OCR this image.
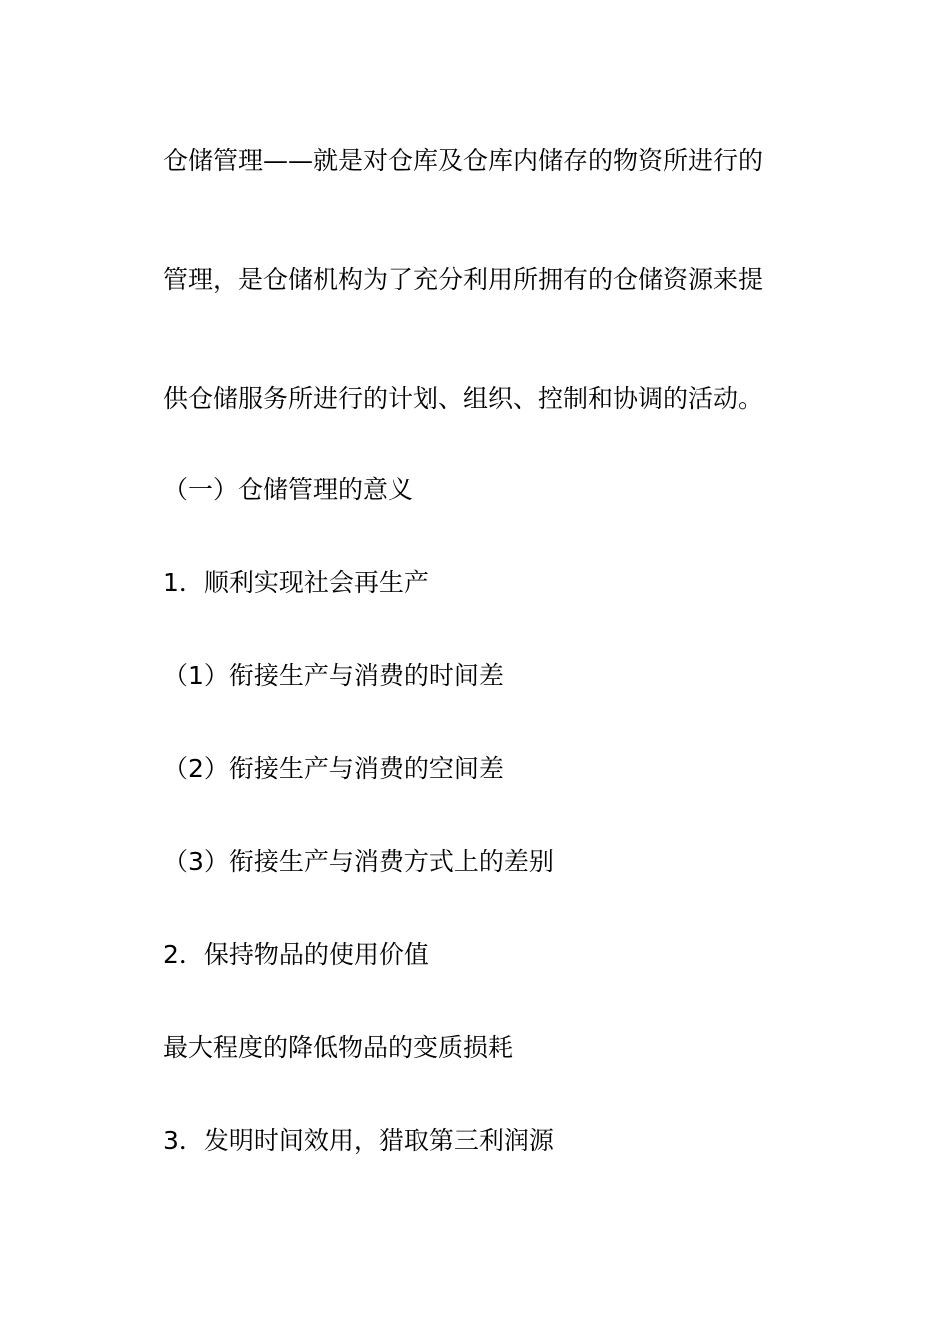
仓储管理——就是对仓库及仓库内储存的物资所进行的
管理，是仓储机构为了充分利用所拥有的仓储资源来提
供仓储服务所进行的计划、组织、控制和协调的活动。
（一）仓储管理的意义
1．顺利实现社会再生产
（1）衔接生产与消费的时间差
（2）衔接生产与消费的空间差
（3）衔接生产与消费方式上的差别
2．保持物品的使用价值
最大程度的降低物品的变质损耗
3．发明时间效用，猎取第三利润源
